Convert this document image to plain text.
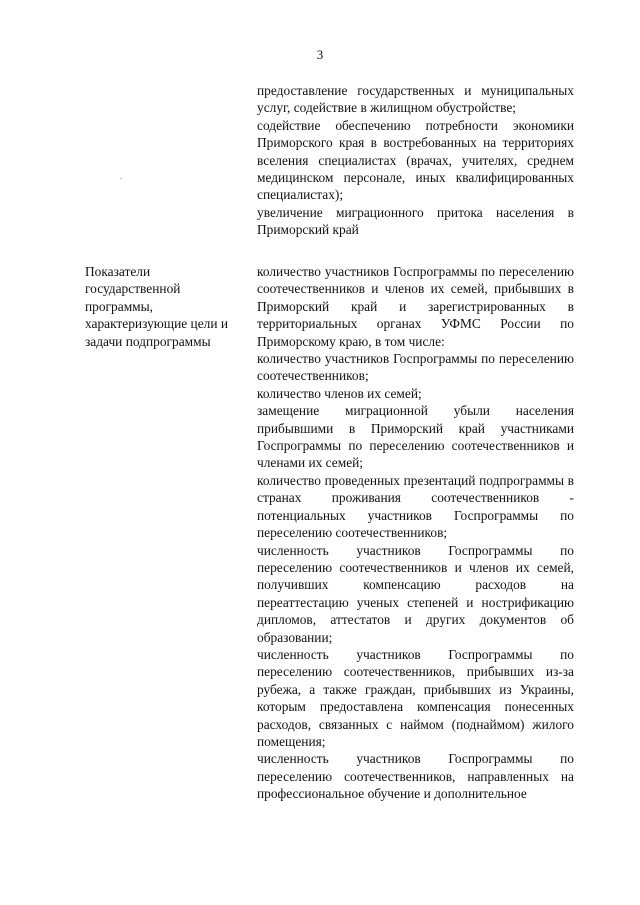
3

предоставление государственных и муниципальных услуг, содействие в жилищном обустройстве;

содействие обеспечению потребности экономики Приморского края в востребованных на территориях вселения специалистах (врачах, учителях, среднем медицинском персонале, иных квалифицированных специалистах);

увеличение миграционного притока населения в Приморский край

Показатели государственной программы, характеризующие цели и задачи подпрограммы

количество участников Госпрограммы по переселению соотечественников и членов их семей, прибывших в Приморский край и зарегистрированных в территориальных органах УФМС России по Приморскому краю, в том числе:

количество участников Госпрограммы по переселению соотечественников;

количество членов их семей;

замещение миграционной убыли населения прибывшими в Приморский край участниками Госпрограммы по переселению соотечественников и членами их семей;

количество проведенных презентаций подпрограммы в странах проживания соотечественников - потенциальных участников Госпрограммы по переселению соотечественников;

численность участников Госпрограммы по переселению соотечественников и членов их семей, получивших компенсацию расходов на переаттестацию ученых степеней и нострификацию дипломов, аттестатов и других документов об образовании;

численность участников Госпрограммы по переселению соотечественников, прибывших из-за рубежа, а также граждан, прибывших из Украины, которым предоставлена компенсация понесенных расходов, связанных с наймом (поднаймом) жилого помещения;

численность участников Госпрограммы по переселению соотечественников, направленных на профессиональное обучение и дополнительное
